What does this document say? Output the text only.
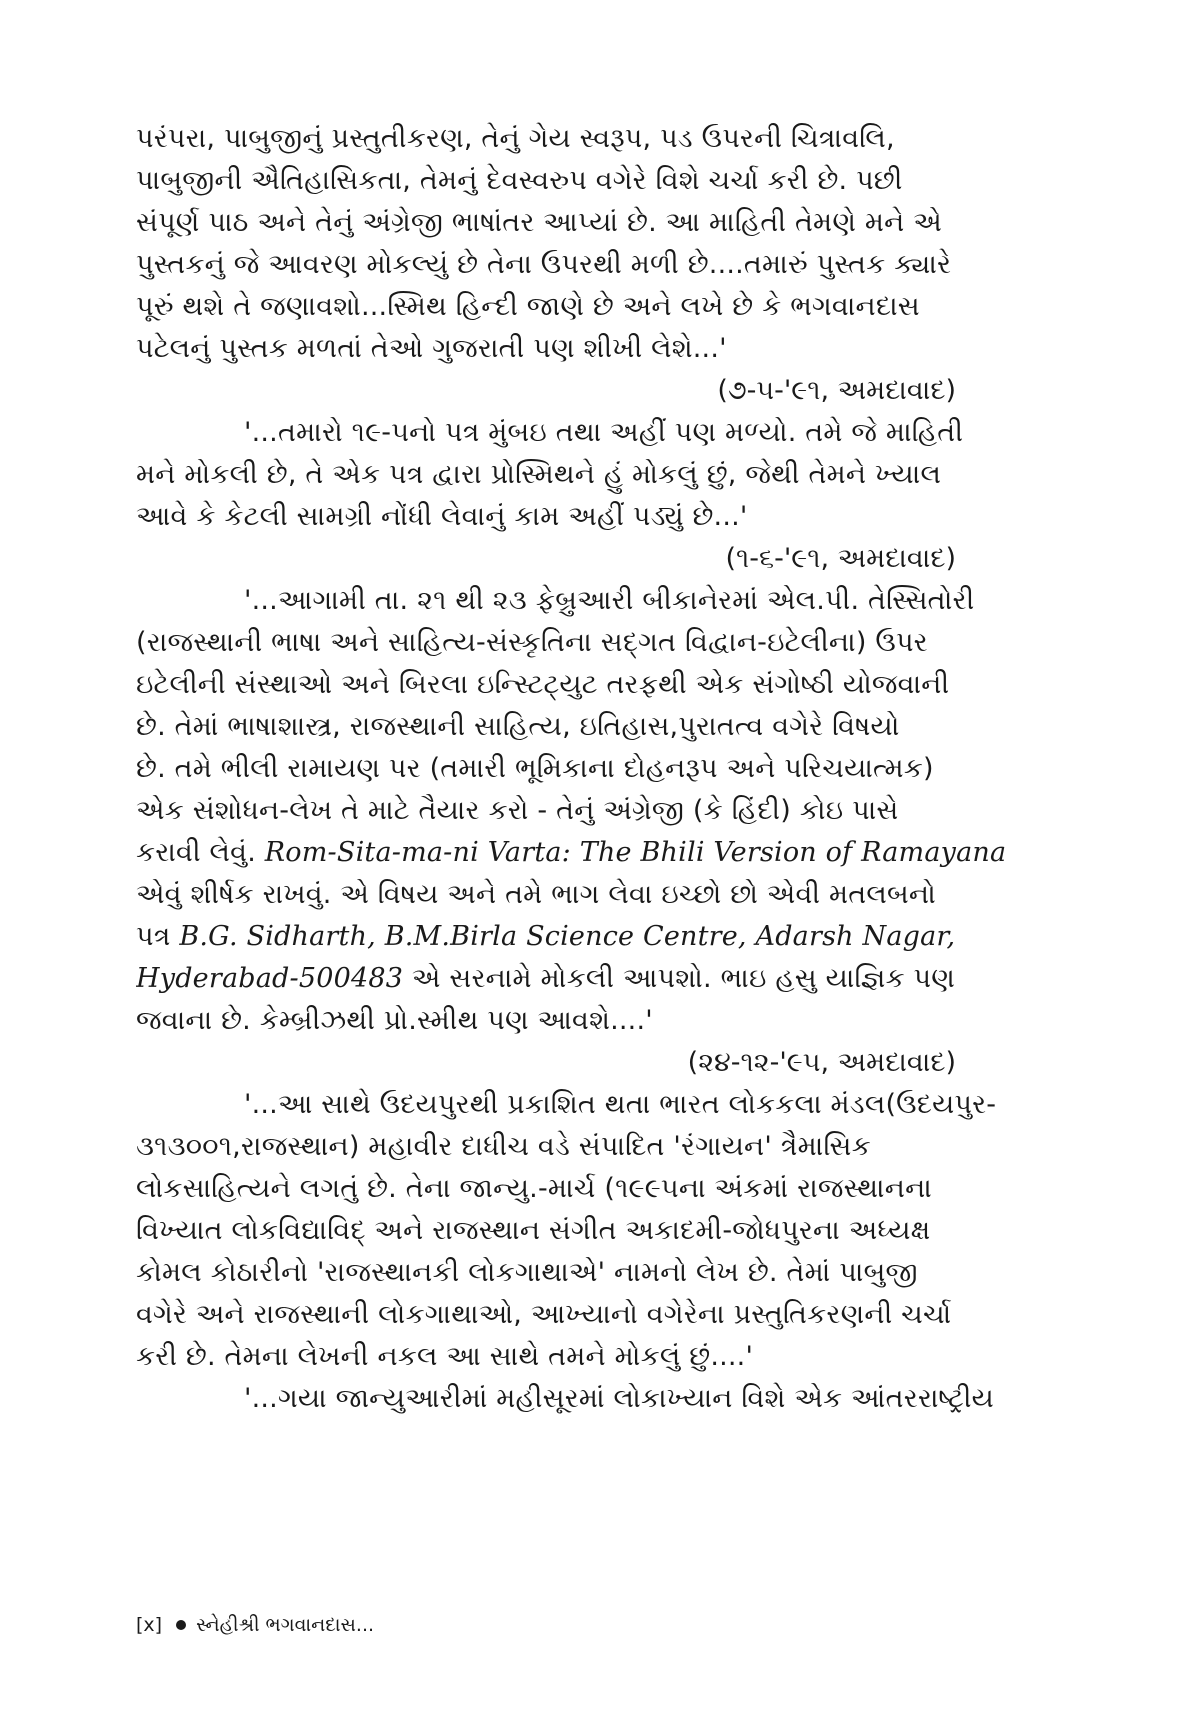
પરંપરા, પાબુજીનું પ્રસ્તુતીકરણ, તેનું ગેય સ્વરૂપ, પડ ઉપરની ચિત્રાવલિ,
પાબુજીની ઐતિહાસિકતા, તેમનું દેવસ્વરુપ વગેરે વિશે ચર્ચા કરી છે. પછી
સંપૂર્ણ પાઠ અને તેનું અંગ્રેજી ભાષાંતર આપ્યાં છે. આ માહિતી તેમણે મને એ
પુસ્તકનું જે આવરણ મોકલ્યું છે તેના ઉપરથી મળી છે....તમારું પુસ્તક ક્યારે
પૂરું થશે તે જણાવશો...સ્મિથ હિન્દી જાણે છે અને લખે છે કે ભગવાનદાસ
પટેલનું પુસ્તક મળતાં તેઓ ગુજરાતી પણ શીખી લેશે...'
(૭-૫-'૯૧, અમદાવાદ)
'...તમારો ૧૯-૫નો પત્ર મુંબઇ તથા અહીં પણ મળ્યો. તમે જે માહિતી
મને મોકલી છે, તે એક પત્ર દ્વારા પ્રોસ્મિથને હું મોકલું છું, જેથી તેમને ખ્યાલ
આવે કે કેટલી સામગ્રી નોંધી લેવાનું કામ અહીં પડ્યું છે...'
(૧-૬-'૯૧, અમદાવાદ)
'...આગામી તા. ૨૧ થી ૨૩ ફેબ્રુઆરી બીકાનેરમાં એલ.પી. તેસ્સિતોરી
(રાજસ્થાની ભાષા અને સાહિત્ય-સંસ્કૃતિના સદ્‌ગત વિદ્વાન-ઇટેલીના) ઉપર
ઇટેલીની સંસ્થાઓ અને બિરલા ઇન્સ્ટિટ્યુટ તરફથી એક સંગોષ્ઠી યોજવાની
છે. તેમાં ભાષાશાસ્ત્ર, રાજસ્થાની સાહિત્ય, ઇતિહાસ,પુરાતત્વ વગેરે વિષયો
છે. તમે ભીલી રામાયણ પર (તમારી ભૂમિકાના દોહનરૂપ અને પરિચયાત્મક)
એક સંશોધન-લેખ તે માટે તૈયાર કરો - તેનું અંગ્રેજી (કે હિંદી) કોઇ પાસે
કરાવી લેવું. Rom-Sita-ma-ni Varta: The Bhili Version of Ramayana
એવું શીર્ષક રાખવું. એ વિષય અને તમે ભાગ લેવા ઇચ્છો છો એવી મતલબનો
પત્ર B.G. Sidharth, B.M.Birla Science Centre, Adarsh Nagar,
Hyderabad-500483 એ સરનામે મોકલી આપશો. ભાઇ હસુ યાજ્ઞિક પણ
જવાના છે. કેમ્બ્રીઝથી પ્રો.સ્મીથ પણ આવશે....'
(૨૪-૧૨-'૯૫, અમદાવાદ)
'...આ સાથે ઉદયપુરથી પ્રકાશિત થતા ભારત લોકકલા મંડલ(ઉદયપુર-
૩૧૩૦૦૧,રાજસ્થાન) મહાવીર દાધીચ વડે સંપાદિત 'રંગાયન' ત્રૈમાસિક
લોકસાહિત્યને લગતું છે. તેના જાન્યુ.-માર્ચ (૧૯૯૫ના અંકમાં રાજસ્થાનના
વિખ્યાત લોકવિદ્યાવિદ્ અને રાજસ્થાન સંગીત અકાદમી-જોધપુરના અધ્યક્ષ
કોમલ કોઠારીનો 'રાજસ્થાનકી લોકગાથાએ' નામનો લેખ છે. તેમાં પાબુજી
વગેરે અને રાજસ્થાની લોકગાથાઓ, આખ્યાનો વગેરેના પ્રસ્તુતિકરણની ચર્ચા
કરી છે. તેમના લેખની નકલ આ સાથે તમને મોકલું છું....'
'...ગયા જાન્યુઆરીમાં મહીસૂરમાં લોકાખ્યાન વિશે એક આંતરરાષ્ટ્રીય
[x] સ્નેહીશ્રી ભગવાનદાસ...
